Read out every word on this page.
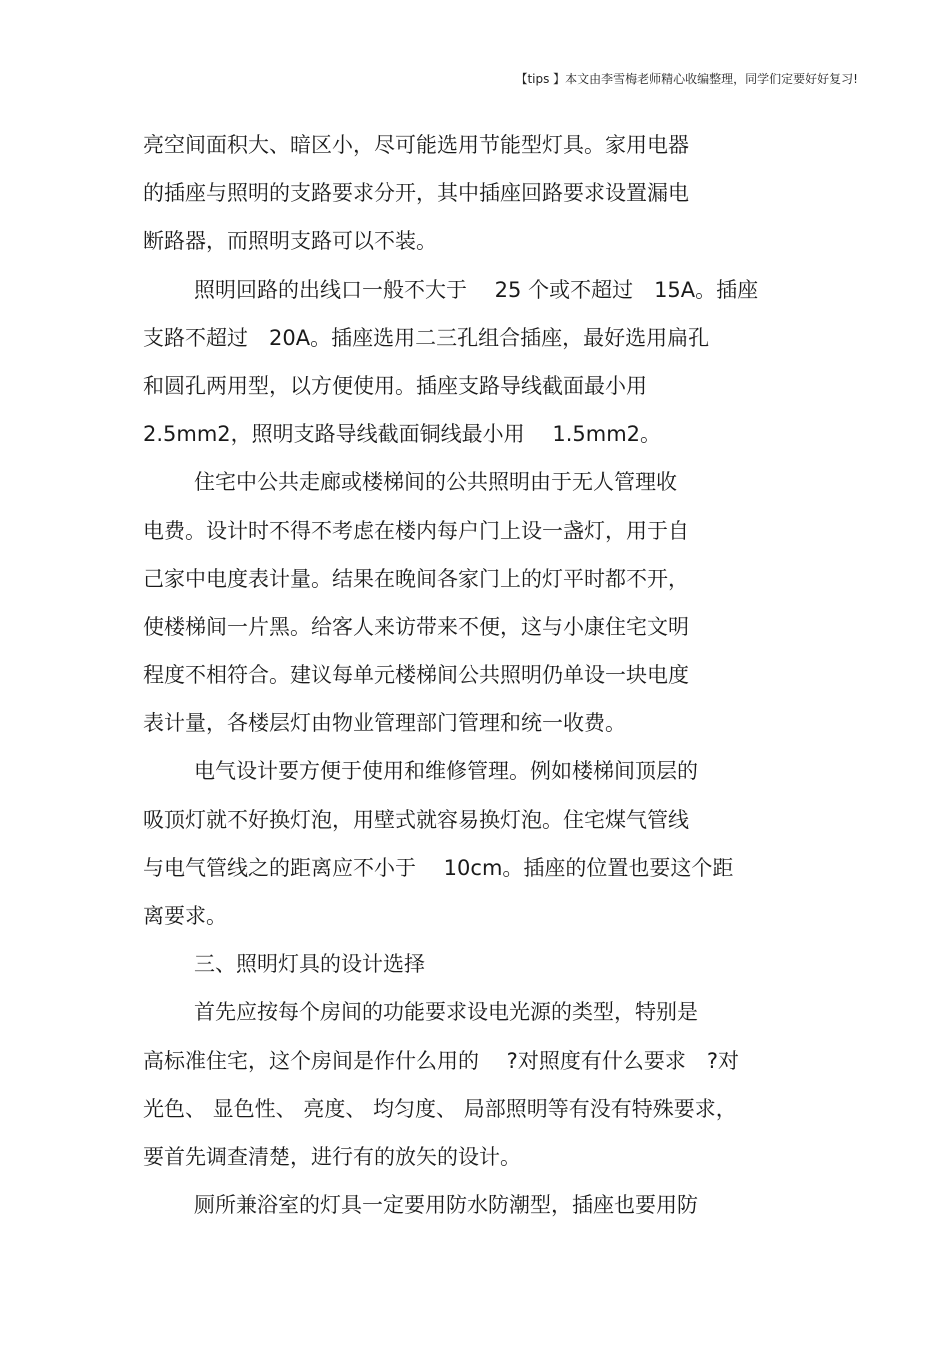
【tips 】本文由李雪梅老师精心收编整理，同学们定要好好复习!
亮空间面积大、暗区小，尽可能选用节能型灯具。家用电器
的插座与照明的支路要求分开，其中插座回路要求设置漏电
断路器，而照明支路可以不装。
照明回路的出线口一般不大于　 25 个或不超过　15A。插座
支路不超过　20A。插座选用二三孔组合插座，最好选用扁孔
和圆孔两用型，以方便使用。插座支路导线截面最小用
2.5mm2，照明支路导线截面铜线最小用　 1.5mm2。
住宅中公共走廊或楼梯间的公共照明由于无人管理收
电费。设计时不得不考虑在楼内每户门上设一盏灯，用于自
己家中电度表计量。结果在晚间各家门上的灯平时都不开，
使楼梯间一片黑。给客人来访带来不便，这与小康住宅文明
程度不相符合。建议每单元楼梯间公共照明仍单设一块电度
表计量，各楼层灯由物业管理部门管理和统一收费。
电气设计要方便于使用和维修管理。例如楼梯间顶层的
吸顶灯就不好换灯泡，用壁式就容易换灯泡。住宅煤气管线
与电气管线之的距离应不小于　 10cm。插座的位置也要这个距
离要求。
三、照明灯具的设计选择
首先应按每个房间的功能要求设电光源的类型，特别是
高标准住宅，这个房间是作什么用的　 ?对照度有什么要求　?对
光色、 显色性、 亮度、 均匀度、 局部照明等有没有特殊要求，
要首先调查清楚，进行有的放矢的设计。
厕所兼浴室的灯具一定要用防水防潮型，插座也要用防
